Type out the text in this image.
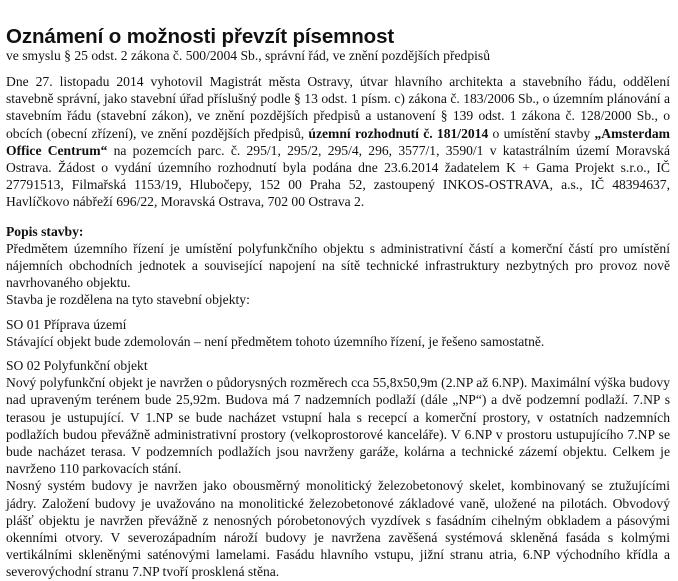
Oznámení o možnosti převzít písemnost
ve smyslu § 25 odst. 2 zákona č. 500/2004 Sb., správní řád, ve znění pozdějších předpisů

Dne 27. listopadu 2014 vyhotovil Magistrát města Ostravy, útvar hlavního architekta a stavebního řádu, oddělení stavebně správní, jako stavební úřad příslušný podle § 13 odst. 1 písm. c) zákona č. 183/2006 Sb., o územním plánování a stavebním řádu (stavební zákon), ve znění pozdějších předpisů a ustanovení § 139 odst. 1 zákona č. 128/2000 Sb., o obcích (obecní zřízení), ve znění pozdějších předpisů, územní rozhodnutí č. 181/2014 o umístění stavby „Amsterdam Office Centrum“ na pozemcích parc. č. 295/1, 295/2, 295/4, 296, 3577/1, 3590/1 v katastrálním území Moravská Ostrava. Žádost o vydání územního rozhodnutí byla podána dne 23.6.2014 žadatelem K + Gama Projekt s.r.o., IČ 27791513, Filmařská 1153/19, Hlubočepy, 152 00 Praha 52, zastoupený INKOS-OSTRAVA, a.s., IČ 48394637, Havlíčkovo nábřeží 696/22, Moravská Ostrava, 702 00 Ostrava 2.

Popis stavby:

Předmětem územního řízení je umístění polyfunkčního objektu s administrativní částí a komerční částí pro umístění nájemních obchodních jednotek a související napojení na sítě technické infrastruktury nezbytných pro provoz nově navrhovaného objektu.

Stavba je rozdělena na tyto stavební objekty:

SO 01 Příprava území

Stávající objekt bude zdemolován – není předmětem tohoto územního řízení, je řešeno samostatně.

SO 02 Polyfunkční objekt

Nový polyfunkční objekt je navržen o půdorysných rozměrech cca 55,8x50,9m (2.NP až 6.NP). Maximální výška budovy nad upraveným terénem bude 25,92m. Budova má 7 nadzemních podlaží (dále „NP“) a dvě podzemní podlaží. 7.NP s terasou je ustupující. V 1.NP se bude nacházet vstupní hala s recepcí a komerční prostory, v ostatních nadzemních podlažích budou převážně administrativní prostory (velkoprostorové kanceláře). V 6.NP v prostoru ustupujícího 7.NP se bude nacházet terasa. V podzemních podlažích jsou navrženy garáže, kolárna a technické zázemí objektu. Celkem je navrženo 110 parkovacích stání.

Nosný systém budovy je navržen jako obousměrný monolitický železobetonový skelet, kombinovaný se ztužujícími jádry. Založení budovy je uvažováno na monolitické železobetonové základové vaně, uložené na pilotách. Obvodový plášť objektu je navržen převážně z nenosných pórobetonových vyzdívek s fasádním cihelným obkladem a pásovými okenními otvory. V severozápadním nároží budovy je navržena zavěšená systémová skleněná fasáda s kolmými vertikálními skleněnými saténovými lamelami. Fasádu hlavního vstupu, jižní stranu atria, 6.NP východního křídla a severovýchodní stranu 7.NP tvoří prosklená stěna.
